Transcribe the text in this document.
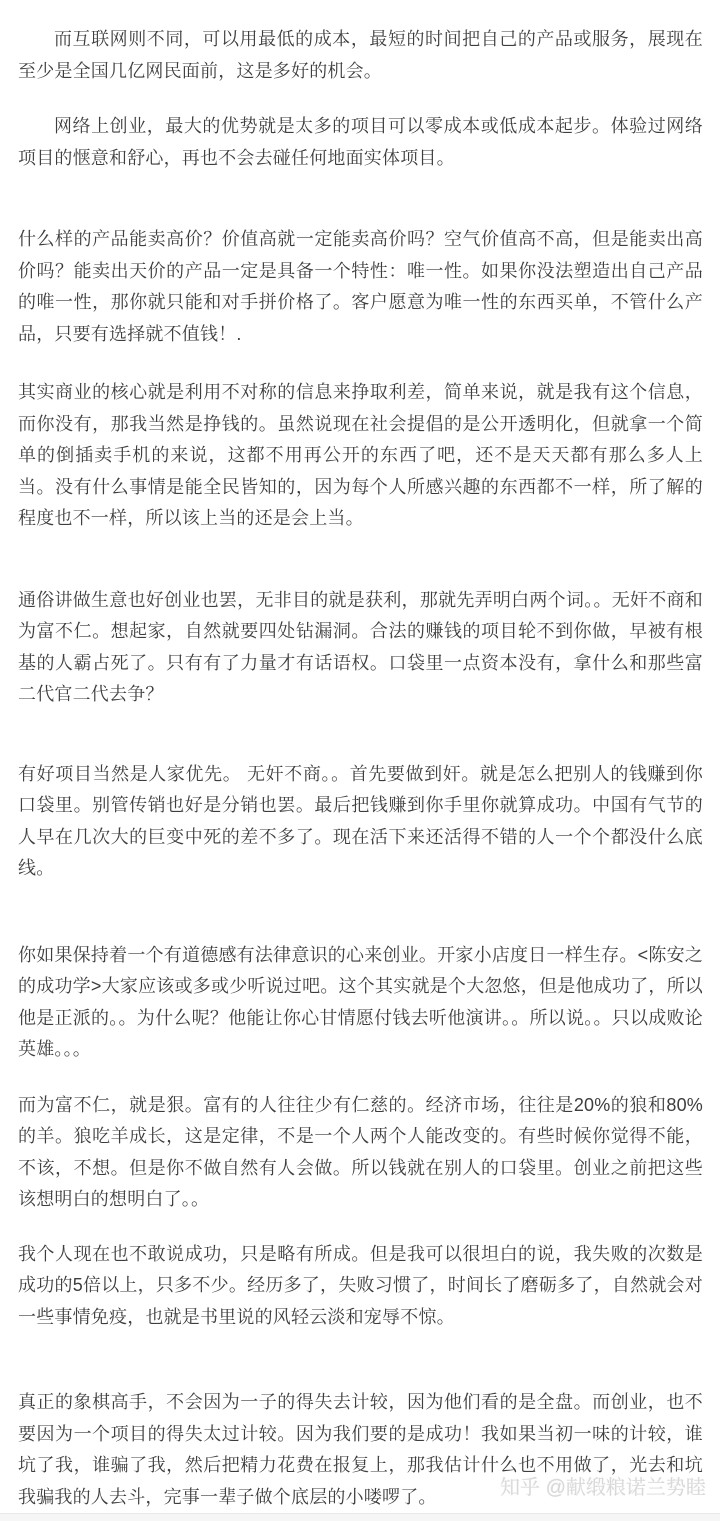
而互联网则不同，可以用最低的成本，最短的时间把自己的产品或服务，展现在至少是全国几亿网民面前，这是多好的机会。

网络上创业，最大的优势就是太多的项目可以零成本或低成本起步。体验过网络项目的惬意和舒心，再也不会去碰任何地面实体项目。

什么样的产品能卖高价？价值高就一定能卖高价吗？空气价值高不高，但是能卖出高价吗？能卖出天价的产品一定是具备一个特性：唯一性。如果你没法塑造出自己产品的唯一性，那你就只能和对手拼价格了。客户愿意为唯一性的东西买单，不管什么产品，只要有选择就不值钱！.

其实商业的核心就是利用不对称的信息来挣取利差，简单来说，就是我有这个信息，而你没有，那我当然是挣钱的。虽然说现在社会提倡的是公开透明化，但就拿一个简单的倒插卖手机的来说，这都不用再公开的东西了吧，还不是天天都有那么多人上当。没有什么事情是能全民皆知的，因为每个人所感兴趣的东西都不一样，所了解的程度也不一样，所以该上当的还是会上当。

通俗讲做生意也好创业也罢，无非目的就是获利，那就先弄明白两个词。。无奸不商和为富不仁。想起家，自然就要四处钻漏洞。合法的赚钱的项目轮不到你做，早被有根基的人霸占死了。只有有了力量才有话语权。口袋里一点资本没有，拿什么和那些富二代官二代去争？

有好项目当然是人家优先。 无奸不商。。首先要做到奸。就是怎么把别人的钱赚到你口袋里。别管传销也好是分销也罢。最后把钱赚到你手里你就算成功。中国有气节的人早在几次大的巨变中死的差不多了。现在活下来还活得不错的人一个个都没什么底线。

你如果保持着一个有道德感有法律意识的心来创业。开家小店度日一样生存。<陈安之的成功学>大家应该或多或少听说过吧。这个其实就是个大忽悠，但是他成功了，所以他是正派的。。为什么呢？他能让你心甘情愿付钱去听他演讲。。所以说。。只以成败论英雄。。。

而为富不仁，就是狠。富有的人往往少有仁慈的。经济市场，往往是20%的狼和80%的羊。狼吃羊成长，这是定律，不是一个人两个人能改变的。有些时候你觉得不能，不该，不想。但是你不做自然有人会做。所以钱就在别人的口袋里。创业之前把这些该想明白的想明白了。。

我个人现在也不敢说成功，只是略有所成。但是我可以很坦白的说，我失败的次数是成功的5倍以上，只多不少。经历多了，失败习惯了，时间长了磨砺多了，自然就会对一些事情免疫，也就是书里说的风轻云淡和宠辱不惊。

真正的象棋高手，不会因为一子的得失去计较，因为他们看的是全盘。而创业，也不要因为一个项目的得失太过计较。因为我们要的是成功！我如果当初一味的计较，谁坑了我，谁骗了我，然后把精力花费在报复上，那我估计什么也不用做了，光去和坑我骗我的人去斗，完事一辈子做个底层的小喽啰了。	知乎 @献缎粮诺兰势睦
